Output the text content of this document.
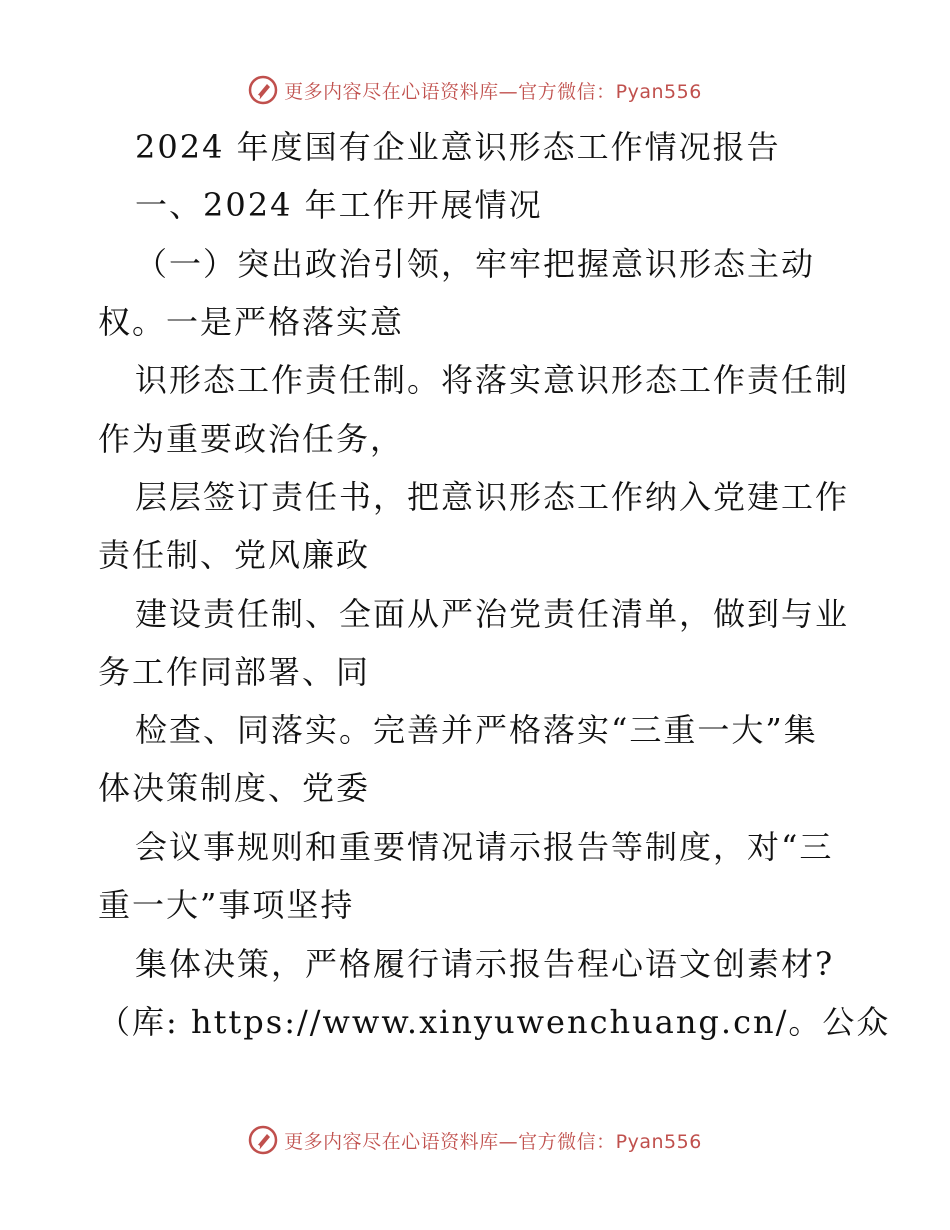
更多内容尽在心语资料库—官方微信：Pyan556
2024 年度国有企业意识形态工作情况报告
一、2024 年工作开展情况
（一）突出政治引领，牢牢把握意识形态主动
权。一是严格落实意
识形态工作责任制。将落实意识形态工作责任制
作为重要政治任务，
层层签订责任书，把意识形态工作纳入党建工作
责任制、党风廉政
建设责任制、全面从严治党责任清单，做到与业
务工作同部署、同
检查、同落实。完善并严格落实“三重一大”集
体决策制度、党委
会议事规则和重要情况请示报告等制度，对“三
重一大”事项坚持
集体决策，严格履行请示报告程心语文创素材?
（库: https://www.xinyuwenchuang.cn/。公众
更多内容尽在心语资料库—官方微信：Pyan556
